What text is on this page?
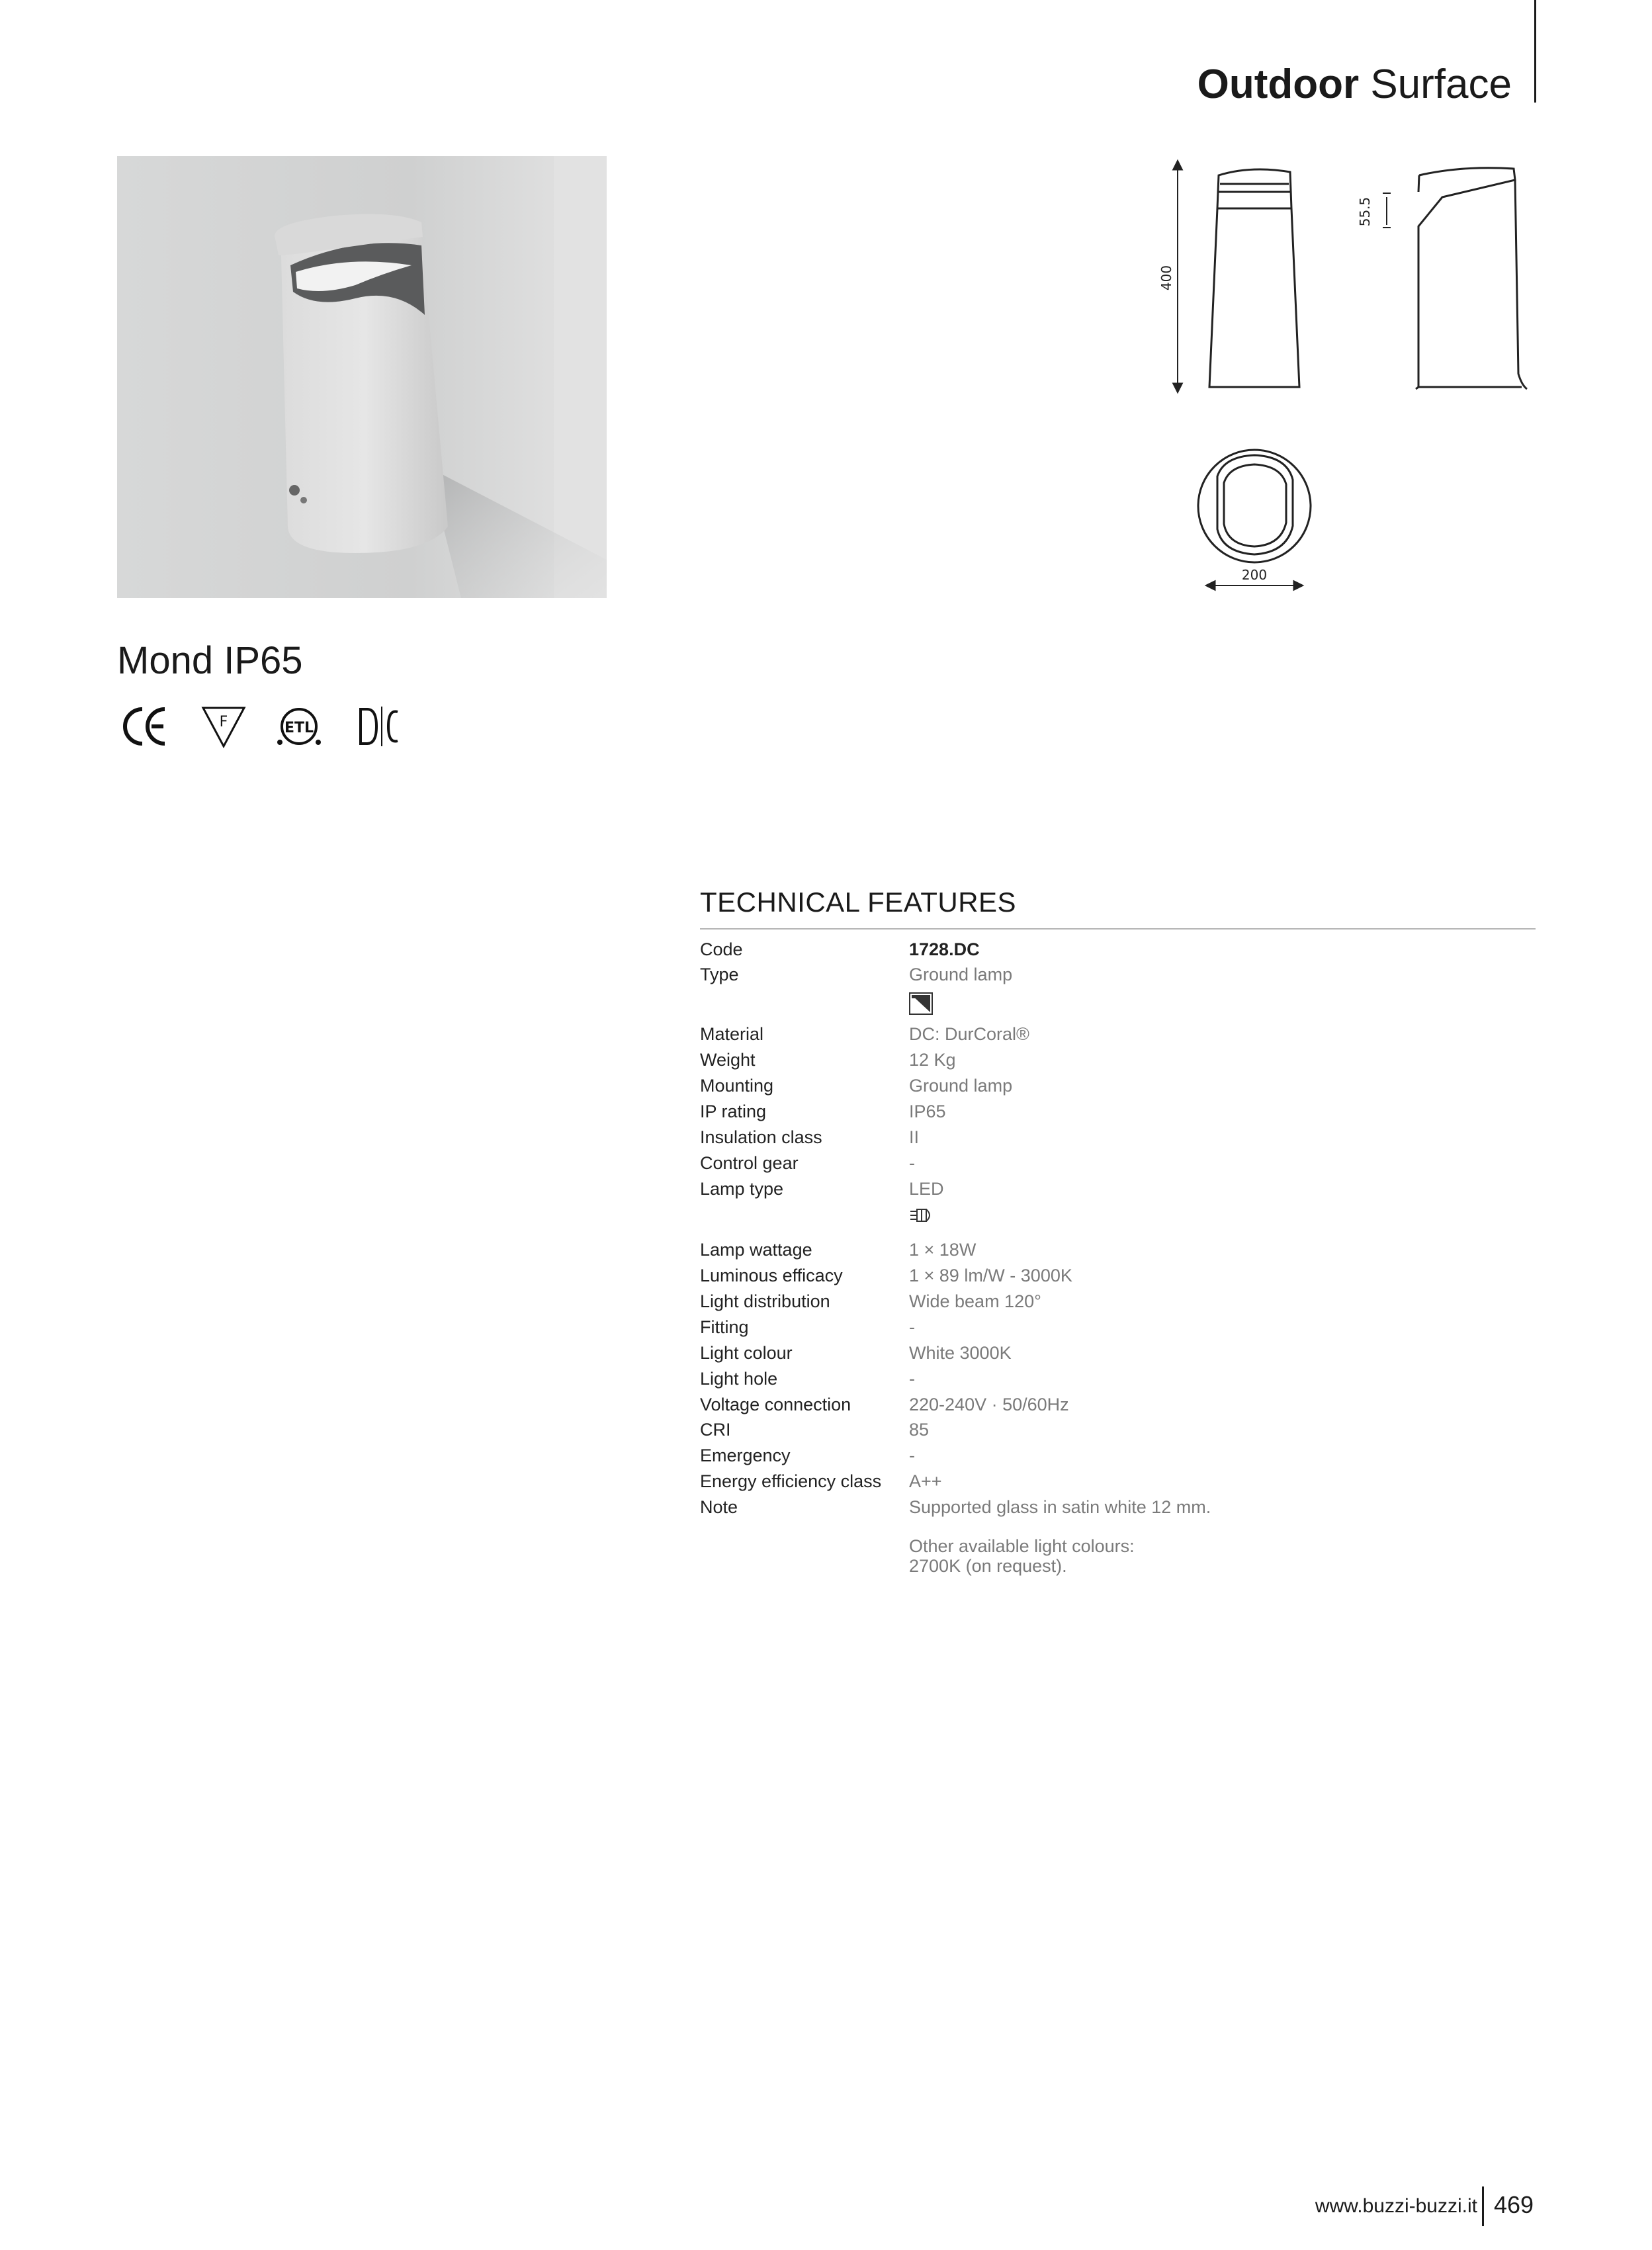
Outdoor Surface
400
55.5
200
Mond IP65
F	ETL
TECHNICAL FEATURES
Code	1728.DC
Type	Ground lamp
Material	DC: DurCoral®
Weight	12 Kg
Mounting	Ground lamp
IP rating	IP65
Insulation class	II
Control gear	-
Lamp type	LED
Lamp wattage	1 × 18W
Luminous efficacy	1 × 89 lm/W - 3000K
Light distribution	Wide beam 120°
Fitting	-
Light colour	White 3000K
Light hole	-
Voltage connection	220-240V · 50/60Hz
CRI	85
Emergency	-
Energy efficiency class A++
Note	Supported glass in satin white 12 mm.
Other available light colours:
2700K (on request).
www.buzzi-buzzi.it 469
